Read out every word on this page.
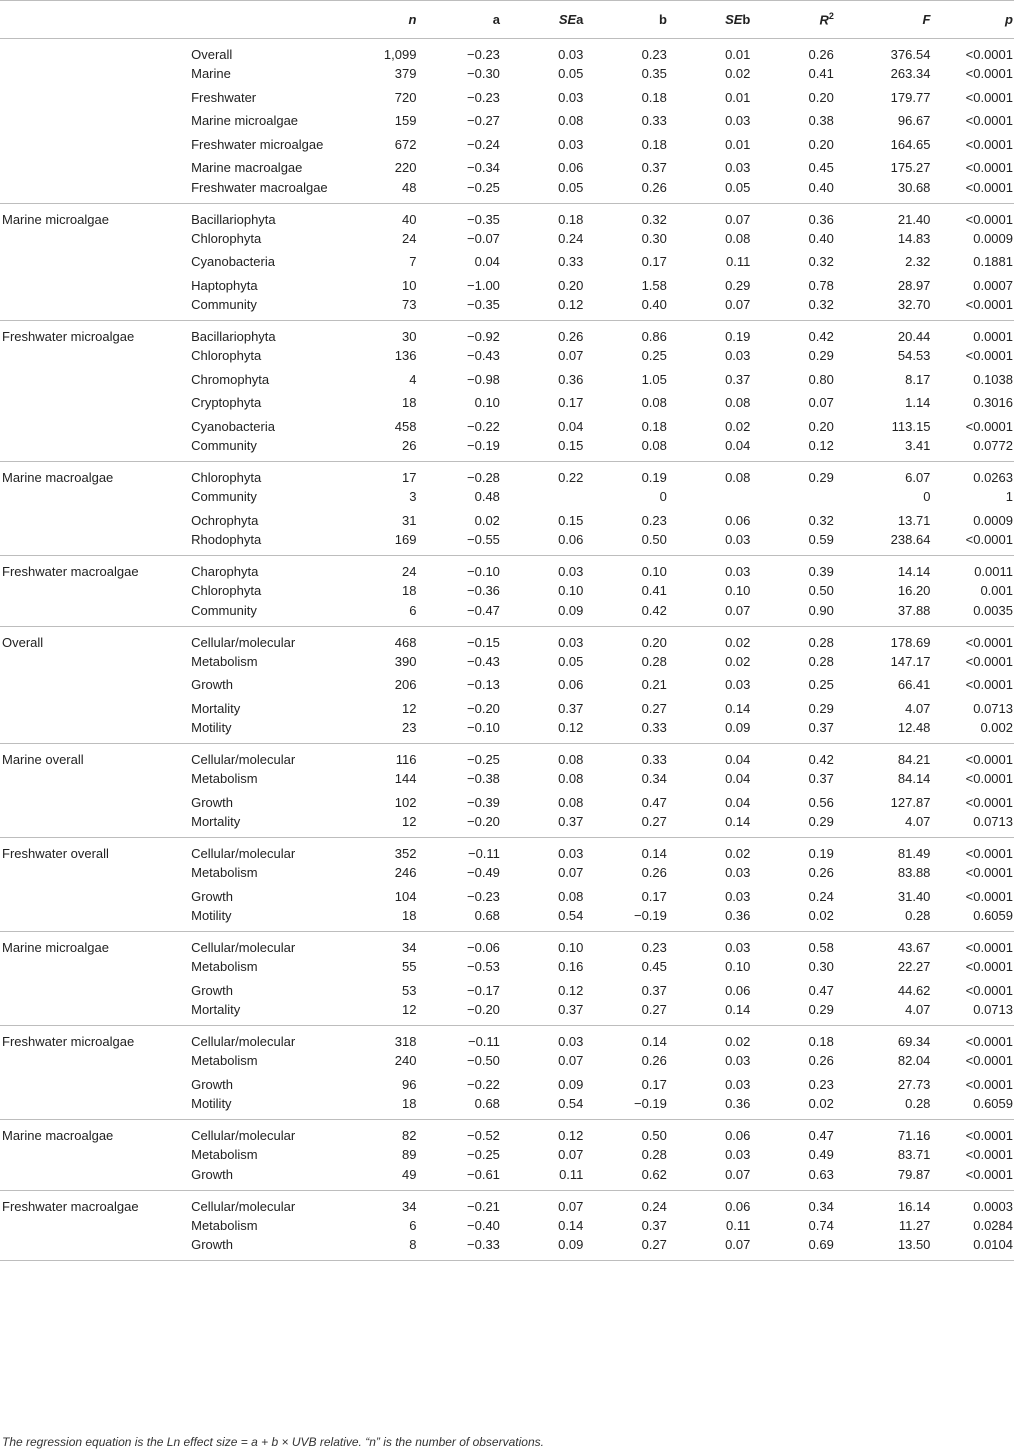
		n	a	SEa	b	SEb	$R^2$	F	p
	Overall	1,099	−0.23	0.03	0.23	0.01	0.26	376.54	<0.0001
	Marine	379	−0.30	0.05	0.35	0.02	0.41	263.34	<0.0001
	Freshwater	720	−0.23	0.03	0.18	0.01	0.20	179.77	<0.0001
	Marine microalgae	159	−0.27	0.08	0.33	0.03	0.38	96.67	<0.0001
	Freshwater microalgae	672	−0.24	0.03	0.18	0.01	0.20	164.65	<0.0001
	Marine macroalgae	220	−0.34	0.06	0.37	0.03	0.45	175.27	<0.0001
	Freshwater macroalgae	48	−0.25	0.05	0.26	0.05	0.40	30.68	<0.0001
Marine microalgae	Bacillariophyta	40	−0.35	0.18	0.32	0.07	0.36	21.40	<0.0001
	Chlorophyta	24	−0.07	0.24	0.30	0.08	0.40	14.83	0.0009
	Cyanobacteria	7	0.04	0.33	0.17	0.11	0.32	2.32	0.1881
	Haptophyta	10	−1.00	0.20	1.58	0.29	0.78	28.97	0.0007
	Community	73	−0.35	0.12	0.40	0.07	0.32	32.70	<0.0001
Freshwater microalgae	Bacillariophyta	30	−0.92	0.26	0.86	0.19	0.42	20.44	0.0001
	Chlorophyta	136	−0.43	0.07	0.25	0.03	0.29	54.53	<0.0001
	Chromophyta	4	−0.98	0.36	1.05	0.37	0.80	8.17	0.1038
	Cryptophyta	18	0.10	0.17	0.08	0.08	0.07	1.14	0.3016
	Cyanobacteria	458	−0.22	0.04	0.18	0.02	0.20	113.15	<0.0001
	Community	26	−0.19	0.15	0.08	0.04	0.12	3.41	0.0772
Marine macroalgae	Chlorophyta	17	−0.28	0.22	0.19	0.08	0.29	6.07	0.0263
	Community	3	0.48		0			0	1
	Ochrophyta	31	0.02	0.15	0.23	0.06	0.32	13.71	0.0009
	Rhodophyta	169	−0.55	0.06	0.50	0.03	0.59	238.64	<0.0001
Freshwater macroalgae	Charophyta	24	−0.10	0.03	0.10	0.03	0.39	14.14	0.0011
	Chlorophyta	18	−0.36	0.10	0.41	0.10	0.50	16.20	0.001
	Community	6	−0.47	0.09	0.42	0.07	0.90	37.88	0.0035
Overall	Cellular/molecular	468	−0.15	0.03	0.20	0.02	0.28	178.69	<0.0001
	Metabolism	390	−0.43	0.05	0.28	0.02	0.28	147.17	<0.0001
	Growth	206	−0.13	0.06	0.21	0.03	0.25	66.41	<0.0001
	Mortality	12	−0.20	0.37	0.27	0.14	0.29	4.07	0.0713
	Motility	23	−0.10	0.12	0.33	0.09	0.37	12.48	0.002
Marine overall	Cellular/molecular	116	−0.25	0.08	0.33	0.04	0.42	84.21	<0.0001
	Metabolism	144	−0.38	0.08	0.34	0.04	0.37	84.14	<0.0001
	Growth	102	−0.39	0.08	0.47	0.04	0.56	127.87	<0.0001
	Mortality	12	−0.20	0.37	0.27	0.14	0.29	4.07	0.0713
Freshwater overall	Cellular/molecular	352	−0.11	0.03	0.14	0.02	0.19	81.49	<0.0001
	Metabolism	246	−0.49	0.07	0.26	0.03	0.26	83.88	<0.0001
	Growth	104	−0.23	0.08	0.17	0.03	0.24	31.40	<0.0001
	Motility	18	0.68	0.54	−0.19	0.36	0.02	0.28	0.6059
Marine microalgae	Cellular/molecular	34	−0.06	0.10	0.23	0.03	0.58	43.67	<0.0001
	Metabolism	55	−0.53	0.16	0.45	0.10	0.30	22.27	<0.0001
	Growth	53	−0.17	0.12	0.37	0.06	0.47	44.62	<0.0001
	Mortality	12	−0.20	0.37	0.27	0.14	0.29	4.07	0.0713
Freshwater microalgae	Cellular/molecular	318	−0.11	0.03	0.14	0.02	0.18	69.34	<0.0001
	Metabolism	240	−0.50	0.07	0.26	0.03	0.26	82.04	<0.0001
	Growth	96	−0.22	0.09	0.17	0.03	0.23	27.73	<0.0001
	Motility	18	0.68	0.54	−0.19	0.36	0.02	0.28	0.6059
Marine macroalgae	Cellular/molecular	82	−0.52	0.12	0.50	0.06	0.47	71.16	<0.0001
	Metabolism	89	−0.25	0.07	0.28	0.03	0.49	83.71	<0.0001
	Growth	49	−0.61	0.11	0.62	0.07	0.63	79.87	<0.0001
Freshwater macroalgae	Cellular/molecular	34	−0.21	0.07	0.24	0.06	0.34	16.14	0.0003
	Metabolism	6	−0.40	0.14	0.37	0.11	0.74	11.27	0.0284
	Growth	8	−0.33	0.09	0.27	0.07	0.69	13.50	0.0104
The regression equation is the Ln effect size = a + b × UVB relative. “n” is the number of observations.
